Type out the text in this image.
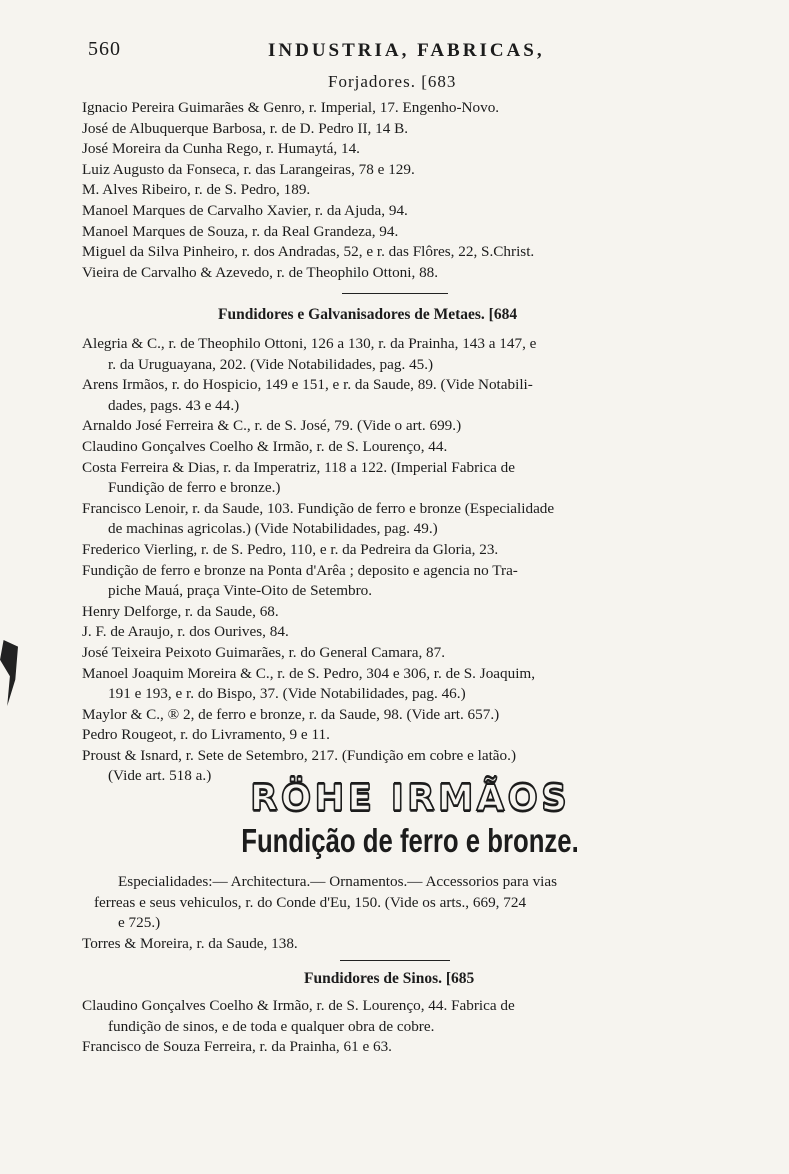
560	INDUSTRIA, FABRICAS,
Forjadores. [683
Ignacio Pereira Guimarães & Genro, r. Imperial, 17. Engenho-Novo.
José de Albuquerque Barbosa, r. de D. Pedro II, 14 B.
José Moreira da Cunha Rego, r. Humaytá, 14.
Luiz Augusto da Fonseca, r. das Larangeiras, 78 e 129.
M. Alves Ribeiro, r. de S. Pedro, 189.
Manoel Marques de Carvalho Xavier, r. da Ajuda, 94.
Manoel Marques de Souza, r. da Real Grandeza, 94.
Miguel da Silva Pinheiro, r. dos Andradas, 52, e r. das Flôres, 22, S.Christ.
Vieira de Carvalho & Azevedo, r. de Theophilo Ottoni, 88.
Fundidores e Galvanisadores de Metaes. [684
Alegria & C., r. de Theophilo Ottoni, 126 a 130, r. da Prainha, 143 a 147, e
r. da Uruguayana, 202. (Vide Notabilidades, pag. 45.)
Arens Irmãos, r. do Hospicio, 149 e 151, e r. da Saude, 89. (Vide Notabili-
dades, pags. 43 e 44.)
Arnaldo José Ferreira & C., r. de S. José, 79. (Vide o art. 699.)
Claudino Gonçalves Coelho & Irmão, r. de S. Lourenço, 44.
Costa Ferreira & Dias, r. da Imperatriz, 118 a 122. (Imperial Fabrica de
Fundição de ferro e bronze.)
Francisco Lenoir, r. da Saude, 103. Fundição de ferro e bronze (Especialidade
de machinas agricolas.) (Vide Notabilidades, pag. 49.)
Frederico Vierling, r. de S. Pedro, 110, e r. da Pedreira da Gloria, 23.
Fundição de ferro e bronze na Ponta d'Arêa ; deposito e agencia no Tra-
piche Mauá, praça Vinte-Oito de Setembro.
Henry Delforge, r. da Saude, 68.
J. F. de Araujo, r. dos Ourives, 84.
José Teixeira Peixoto Guimarães, r. do General Camara, 87.
Manoel Joaquim Moreira & C., r. de S. Pedro, 304 e 306, r. de S. Joaquim,
191 e 193, e r. do Bispo, 37. (Vide Notabilidades, pag. 46.)
Maylor & C., ® 2, de ferro e bronze, r. da Saude, 98. (Vide art. 657.)
Pedro Rougeot, r. do Livramento, 9 e 11.
Proust & Isnard, r. Sete de Setembro, 217. (Fundição em cobre e latão.)
(Vide art. 518 a.)
RÖHE IRMÃOS
Fundição de ferro e bronze.
Especialidades:— Architectura.— Ornamentos.— Accessorios para vias
ferreas e seus vehiculos, r. do Conde d'Eu, 150. (Vide os arts., 669, 724
e 725.)
Torres & Moreira, r. da Saude, 138.
Fundidores de Sinos. [685
Claudino Gonçalves Coelho & Irmão, r. de S. Lourenço, 44. Fabrica de
fundição de sinos, e de toda e qualquer obra de cobre.
Francisco de Souza Ferreira, r. da Prainha, 61 e 63.
